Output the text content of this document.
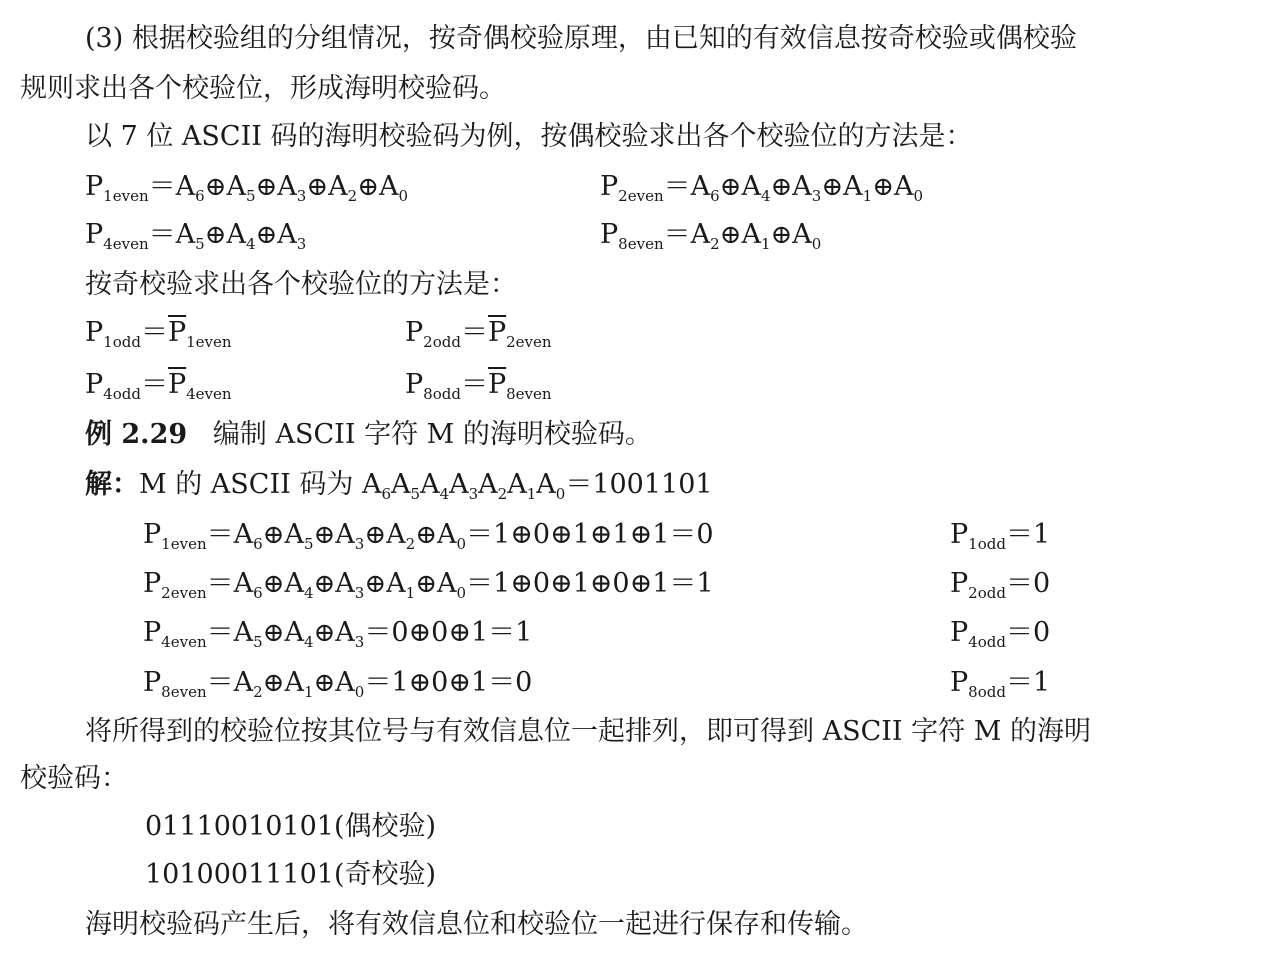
(3) 根据校验组的分组情况，按奇偶校验原理，由已知的有效信息按奇校验或偶校验
规则求出各个校验位，形成海明校验码。
以 7 位 ASCII 码的海明校验码为例，按偶校验求出各个校验位的方法是：
$P_{1even}=A_6\oplus A_5\oplus A_3\oplus A_2\oplus A_0$	$P_{2even}=A_6\oplus A_4\oplus A_3\oplus A_1\oplus A_0$
$P_{4even}=A_5\oplus A_4\oplus A_3$	$P_{8even}=A_2\oplus A_1\oplus A_0$
按奇校验求出各个校验位的方法是：
$P_{1odd}=\overline{P}_{1even}$	$P_{2odd}=\overline{P}_{2even}$
$P_{4odd}=\overline{P}_{4even}$	$P_{8odd}=\overline{P}_{8even}$
例 2.29 编制 ASCII 字符 M 的海明校验码。
解：M 的 ASCII 码为 $A_6A_5A_4A_3A_2A_1A_0=1001101$
$P_{1even}=A_6\oplus A_5\oplus A_3\oplus A_2\oplus A_0=1\oplus 0\oplus 1\oplus 1\oplus 1=0$	$P_{1odd}=1$
$P_{2even}=A_6\oplus A_4\oplus A_3\oplus A_1\oplus A_0=1\oplus 0\oplus 1\oplus 0\oplus 1=1$	$P_{2odd}=0$
$P_{4even}=A_5\oplus A_4\oplus A_3=0\oplus 0\oplus 1=1$	$P_{4odd}=0$
$P_{8even}=A_2\oplus A_1\oplus A_0=1\oplus 0\oplus 1=0$	$P_{8odd}=1$
将所得到的校验位按其位号与有效信息位一起排列，即可得到 ASCII 字符 M 的海明
校验码：
01110010101(偶校验)
10100011101(奇校验)
海明校验码产生后，将有效信息位和校验位一起进行保存和传输。
